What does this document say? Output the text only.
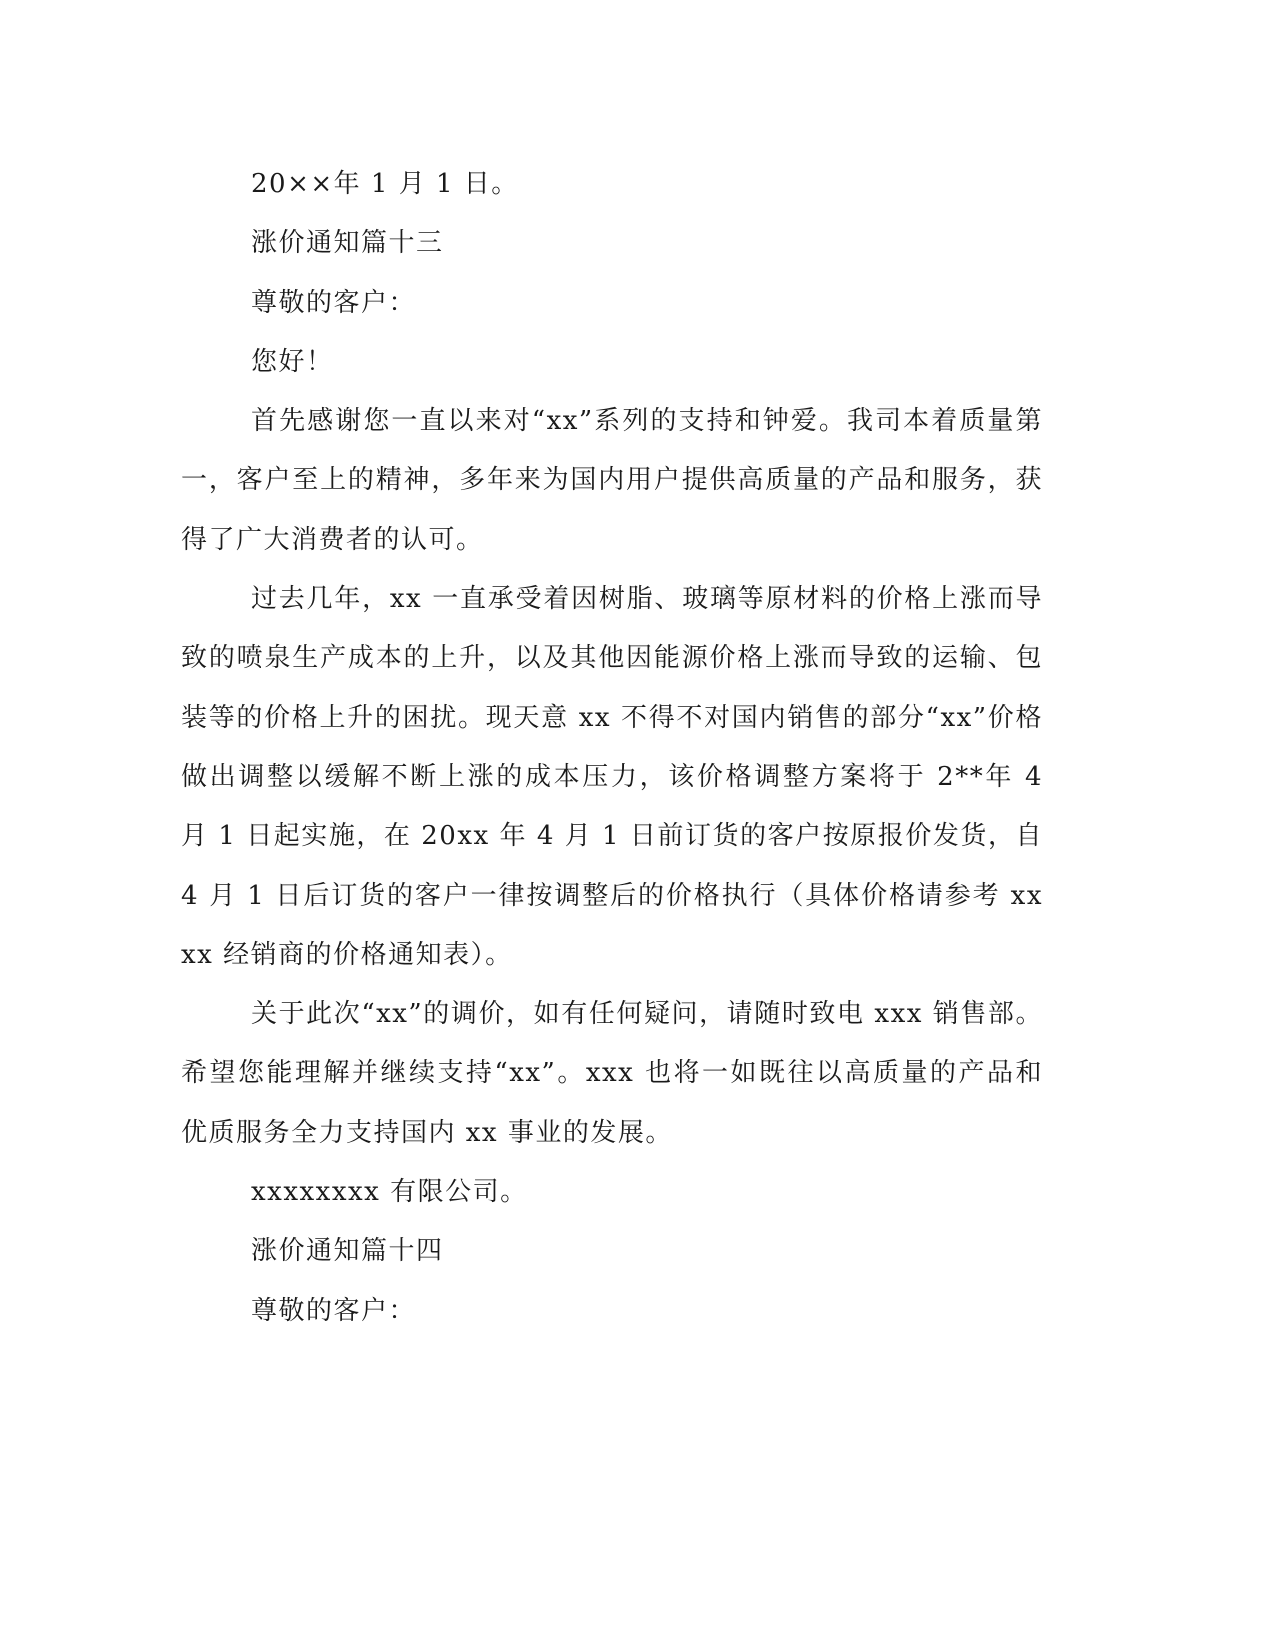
20××年 1 月 1 日。

涨价通知篇十三

尊敬的客户：

您好！

首先感谢您一直以来对“xx”系列的支持和钟爱。我司本着质量第一，客户至上的精神，多年来为国内用户提供高质量的产品和服务，获得了广大消费者的认可。

过去几年，xx 一直承受着因树脂、玻璃等原材料的价格上涨而导致的喷泉生产成本的上升，以及其他因能源价格上涨而导致的运输、包装等的价格上升的困扰。现天意 xx 不得不对国内销售的部分“xx”价格做出调整以缓解不断上涨的成本压力，该价格调整方案将于 2**年 4 月 1 日起实施，在 20xx 年 4 月 1 日前订货的客户按原报价发货，自 4 月 1 日后订货的客户一律按调整后的价格执行（具体价格请参考 xxxx 经销商的价格通知表）。

关于此次“xx”的调价，如有任何疑问，请随时致电 xxx 销售部。希望您能理解并继续支持“xx”。xxx 也将一如既往以高质量的产品和优质服务全力支持国内 xx 事业的发展。

xxxxxxxx 有限公司。

涨价通知篇十四

尊敬的客户：
